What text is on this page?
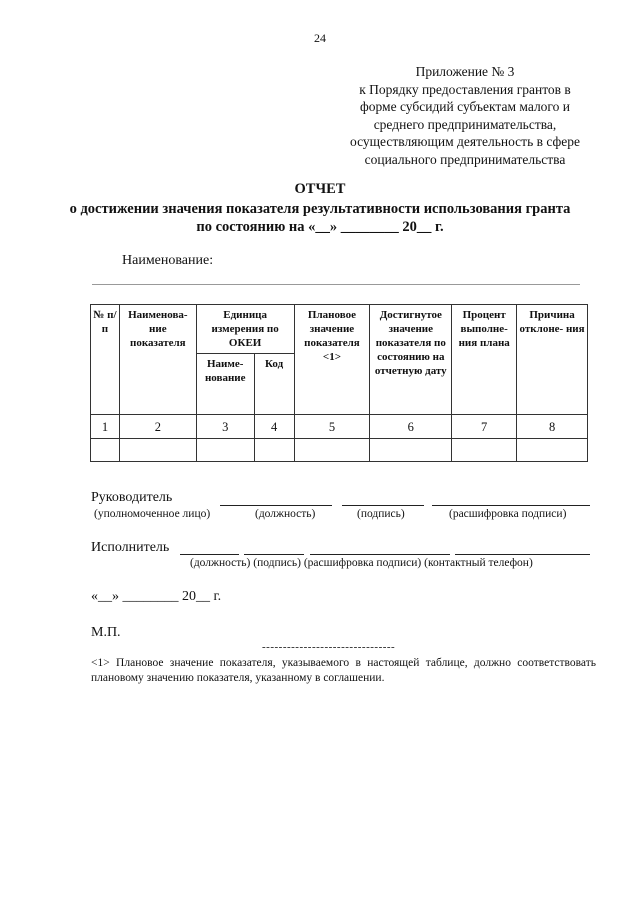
24
Приложение № 3
к Порядку предоставления грантов в
форме субсидий субъектам малого и
среднего предпринимательства,
осуществляющим деятельность в сфере
социального предпринимательства
ОТЧЕТ
о достижении значения показателя результативности использования гранта по состоянию на «__» ________ 20__ г.
Наименование:
№ п/п	Наименова- ние показателя	Единица измерения по ОКЕИ		Плановое значение показателя <1>	Достигнутое значение показателя по состоянию на отчетную дату	Процент выполне- ния плана	Причина отклоне- ния
		Наиме- нование	Код				
1	2	3	4	5	6	7	8

Руководитель
(уполномоченное лицо)	(должность)	(подпись)	(расшифровка подписи)
Исполнитель
(должность) (подпись) (расшифровка подписи) (контактный телефон)
«__» ________ 20__ г.
М.П.
--------------------------------
<1> Плановое значение показателя, указываемого в настоящей таблице, должно соответствовать плановому значению показателя, указанному в соглашении.
